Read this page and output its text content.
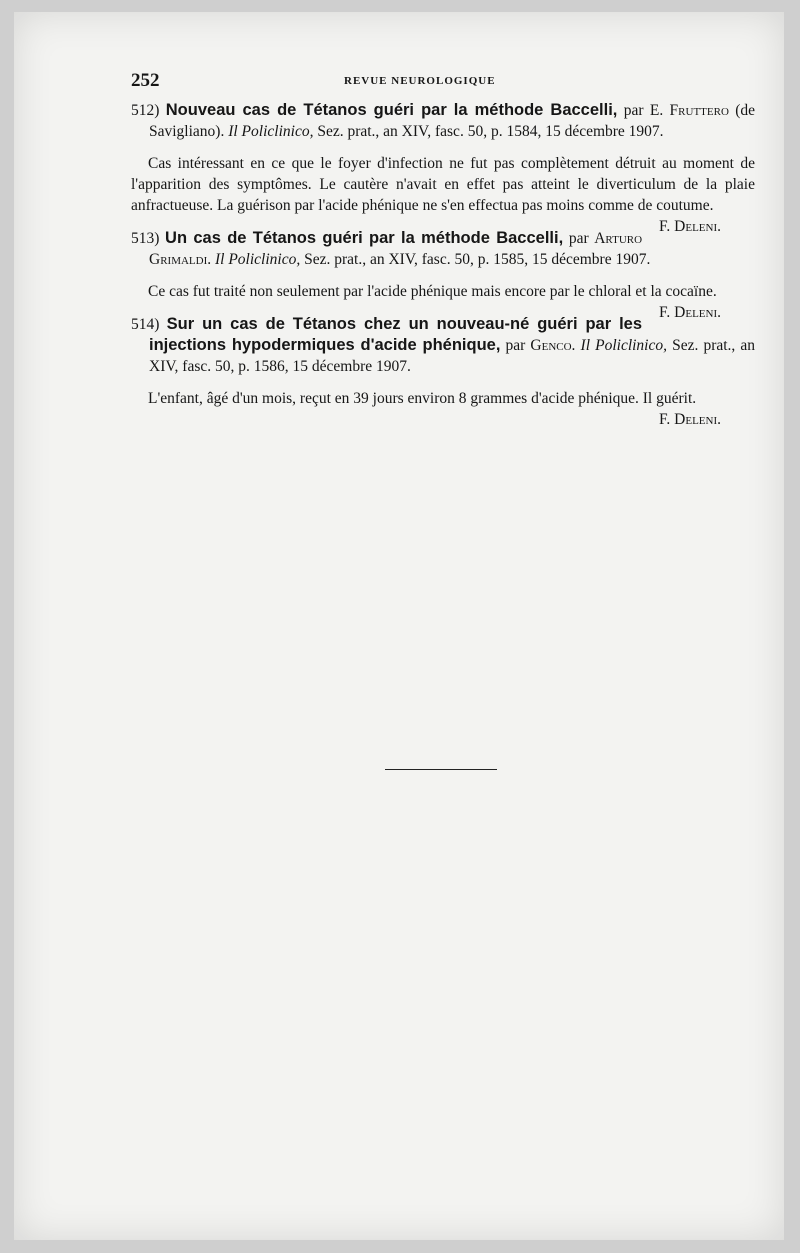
252	REVUE NEUROLOGIQUE

512) Nouveau cas de Tétanos guéri par la méthode Baccelli, par E. Fruttero (de Savigliano). Il Policlinico, Sez. prat., an XIV, fasc. 50, p. 1584, 15 décembre 1907.

Cas intéressant en ce que le foyer d'infection ne fut pas complètement détruit au moment de l'apparition des symptômes. Le cautère n'avait en effet pas atteint le diverticulum de la plaie anfractueuse. La guérison par l'acide phénique ne s'en effectua pas moins comme de coutume.
F. Deleni.

513) Un cas de Tétanos guéri par la méthode Baccelli, par Arturo Grimaldi. Il Policlinico, Sez. prat., an XIV, fasc. 50, p. 1585, 15 décembre 1907.

Ce cas fut traité non seulement par l'acide phénique mais encore par le chloral et la cocaïne.
F. Deleni.

514) Sur un cas de Tétanos chez un nouveau-né guéri par les injections hypodermiques d'acide phénique, par Genco. Il Policlinico, Sez. prat., an XIV, fasc. 50, p. 1586, 15 décembre 1907.

L'enfant, âgé d'un mois, reçut en 39 jours environ 8 grammes d'acide phénique. Il guérit.
F. Deleni.
